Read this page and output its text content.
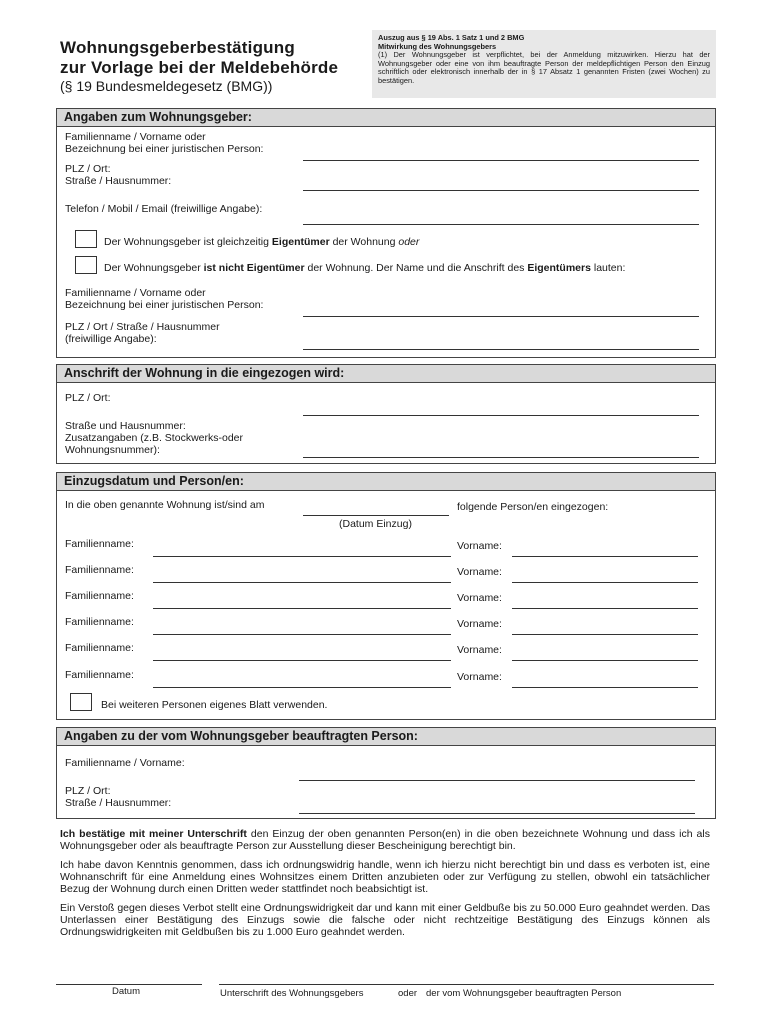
Wohnungsgeberbestätigung
zur Vorlage bei der Meldebehörde
(§ 19 Bundesmeldegesetz (BMG))
Auszug aus § 19 Abs. 1 Satz 1 und 2 BMG
Mitwirkung des Wohnungsgebers
(1) Der Wohnungsgeber ist verpflichtet, bei der Anmeldung mitzuwirken. Hierzu hat der Wohnungsgeber oder eine von ihm beauftragte Person der meldepflichtigen Person den Einzug schriftlich oder elektronisch innerhalb der in § 17 Absatz 1 genannten Fristen (zwei Wochen) zu bestätigen.
Angaben zum Wohnungsgeber:
Familienname / Vorname oder
Bezeichnung bei einer juristischen Person:
PLZ / Ort:
Straße / Hausnummer:
Telefon / Mobil / Email (freiwillige Angabe):
Der Wohnungsgeber ist gleichzeitig Eigentümer der Wohnung oder
Der Wohnungsgeber ist nicht Eigentümer der Wohnung. Der Name und die Anschrift des Eigentümers lauten:
Familienname / Vorname oder
Bezeichnung bei einer juristischen Person:
PLZ / Ort / Straße / Hausnummer
(freiwillige Angabe):
Anschrift der Wohnung in die eingezogen wird:
PLZ / Ort:
Straße und Hausnummer:
Zusatzangaben (z.B. Stockwerks-oder
Wohnungsnummer):
Einzugsdatum und Person/en:
In die oben genannte Wohnung ist/sind am
(Datum Einzug)
folgende Person/en eingezogen:
Familienname:	Vorname:
Familienname:	Vorname:
Familienname:	Vorname:
Familienname:	Vorname:
Familienname:	Vorname:
Familienname:	Vorname:
Bei weiteren Personen eigenes Blatt verwenden.
Angaben zu der vom Wohnungsgeber beauftragten Person:
Familienname / Vorname:
PLZ / Ort:
Straße / Hausnummer:
Ich bestätige mit meiner Unterschrift den Einzug der oben genannten Person(en) in die oben bezeichnete Wohnung und dass ich als Wohnungsgeber oder als beauftragte Person zur Ausstellung dieser Bescheinigung berechtigt bin.
Ich habe davon Kenntnis genommen, dass ich ordnungswidrig handle, wenn ich hierzu nicht berechtigt bin und dass es verboten ist, eine Wohnanschrift für eine Anmeldung eines Wohnsitzes einem Dritten anzubieten oder zur Verfügung zu stellen, obwohl ein tatsächlicher Bezug der Wohnung durch einen Dritten weder stattfindet noch beabsichtigt ist.
Ein Verstoß gegen dieses Verbot stellt eine Ordnungswidrigkeit dar und kann mit einer Geldbuße bis zu 50.000 Euro geahndet werden. Das Unterlassen einer Bestätigung des Einzugs sowie die falsche oder nicht rechtzeitige Bestätigung des Einzugs können als Ordnungswidrigkeiten mit Geldbußen bis zu 1.000 Euro geahndet werden.
Datum	Unterschrift des Wohnungsgebers	oder der vom Wohnungsgeber beauftragten Person
